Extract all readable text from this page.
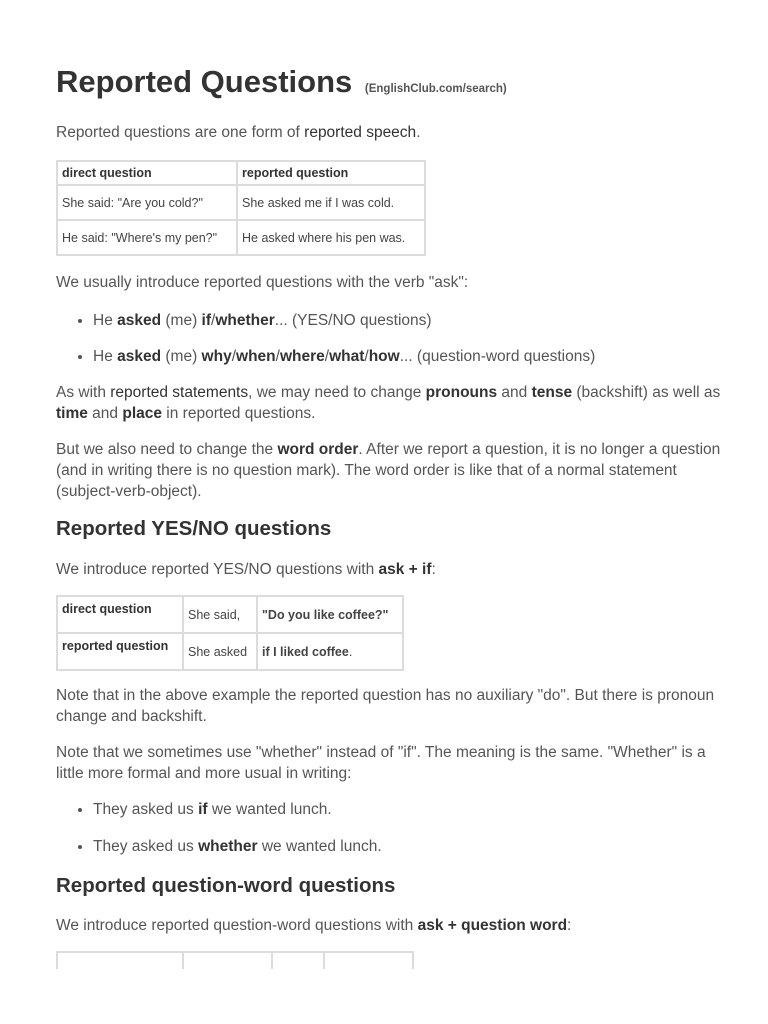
Reported Questions (EnglishClub.com/search)

Reported questions are one form of reported speech.

direct question	reported question
She said: "Are you cold?"	She asked me if I was cold.
He said: "Where's my pen?"	He asked where his pen was.

We usually introduce reported questions with the verb "ask":

• He asked (me) if/whether... (YES/NO questions)
• He asked (me) why/when/where/what/how... (question-word questions)

As with reported statements, we may need to change pronouns and tense (backshift) as well as time and place in reported questions.

But we also need to change the word order. After we report a question, it is no longer a question (and in writing there is no question mark). The word order is like that of a normal statement (subject-verb-object).

Reported YES/NO questions

We introduce reported YES/NO questions with ask + if:

direct question	She said,	"Do you like coffee?"
reported question	She asked	if I liked coffee.

Note that in the above example the reported question has no auxiliary "do". But there is pronoun change and backshift.

Note that we sometimes use "whether" instead of "if". The meaning is the same. "Whether" is a little more formal and more usual in writing:

• They asked us if we wanted lunch.
• They asked us whether we wanted lunch.
Reported question-word questions

We introduce reported question-word questions with ask + question word:
